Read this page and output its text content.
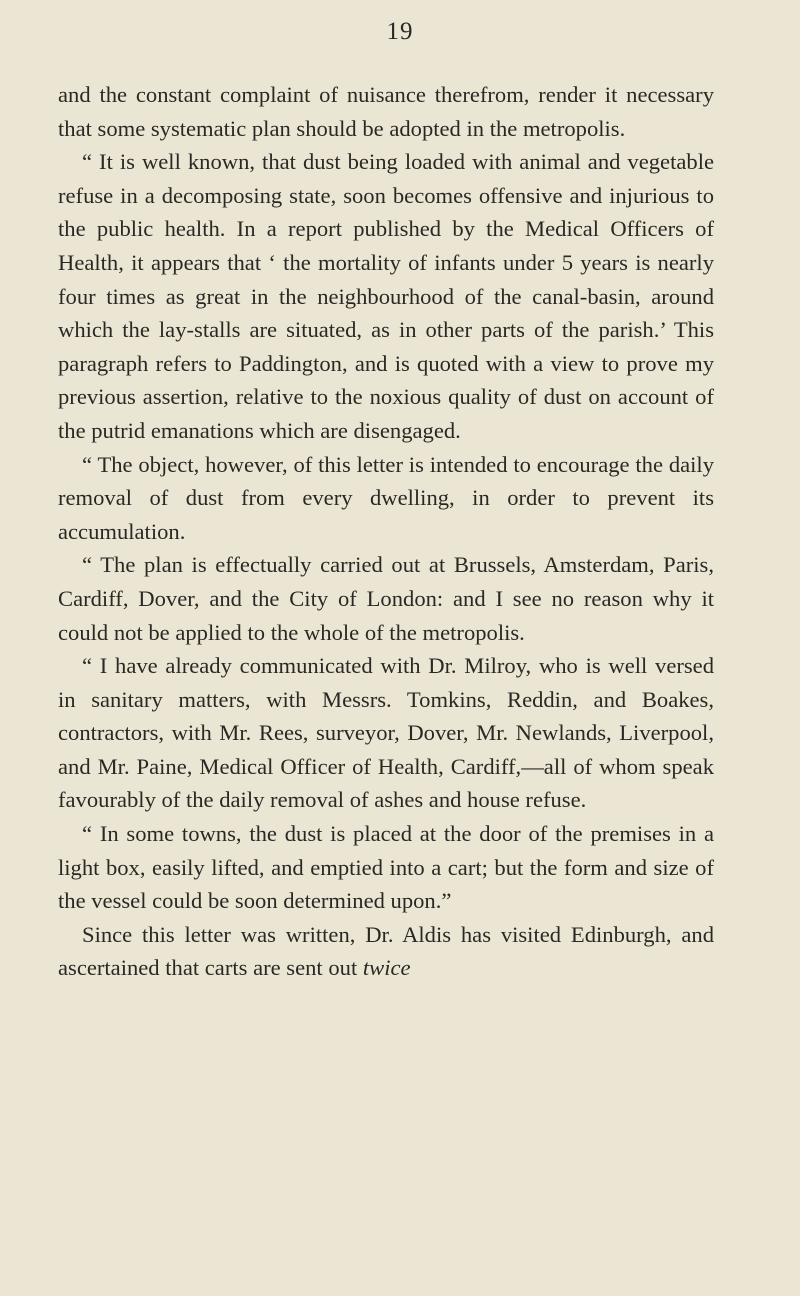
19

and the constant complaint of nuisance therefrom, render it necessary that some systematic plan should be adopted in the metropolis.

“ It is well known, that dust being loaded with animal and vegetable refuse in a decomposing state, soon becomes offensive and injurious to the public health. In a report published by the Medical Officers of Health, it appears that ‘ the mortality of infants under 5 years is nearly four times as great in the neighbourhood of the canal-basin, around which the lay-stalls are situated, as in other parts of the parish.’ This paragraph refers to Paddington, and is quoted with a view to prove my previous assertion, relative to the noxious quality of dust on account of the putrid emanations which are disengaged.

“ The object, however, of this letter is intended to encourage the daily removal of dust from every dwelling, in order to prevent its accumulation.

“ The plan is effectually carried out at Brussels, Amsterdam, Paris, Cardiff, Dover, and the City of London: and I see no reason why it could not be applied to the whole of the metropolis.

“ I have already communicated with Dr. Milroy, who is well versed in sanitary matters, with Messrs. Tomkins, Reddin, and Boakes, contractors, with Mr. Rees, surveyor, Dover, Mr. Newlands, Liverpool, and Mr. Paine, Medical Officer of Health, Cardiff,—all of whom speak favourably of the daily removal of ashes and house refuse.

“ In some towns, the dust is placed at the door of the premises in a light box, easily lifted, and emptied into a cart; but the form and size of the vessel could be soon determined upon.”

Since this letter was written, Dr. Aldis has visited Edinburgh, and ascertained that carts are sent out twice
